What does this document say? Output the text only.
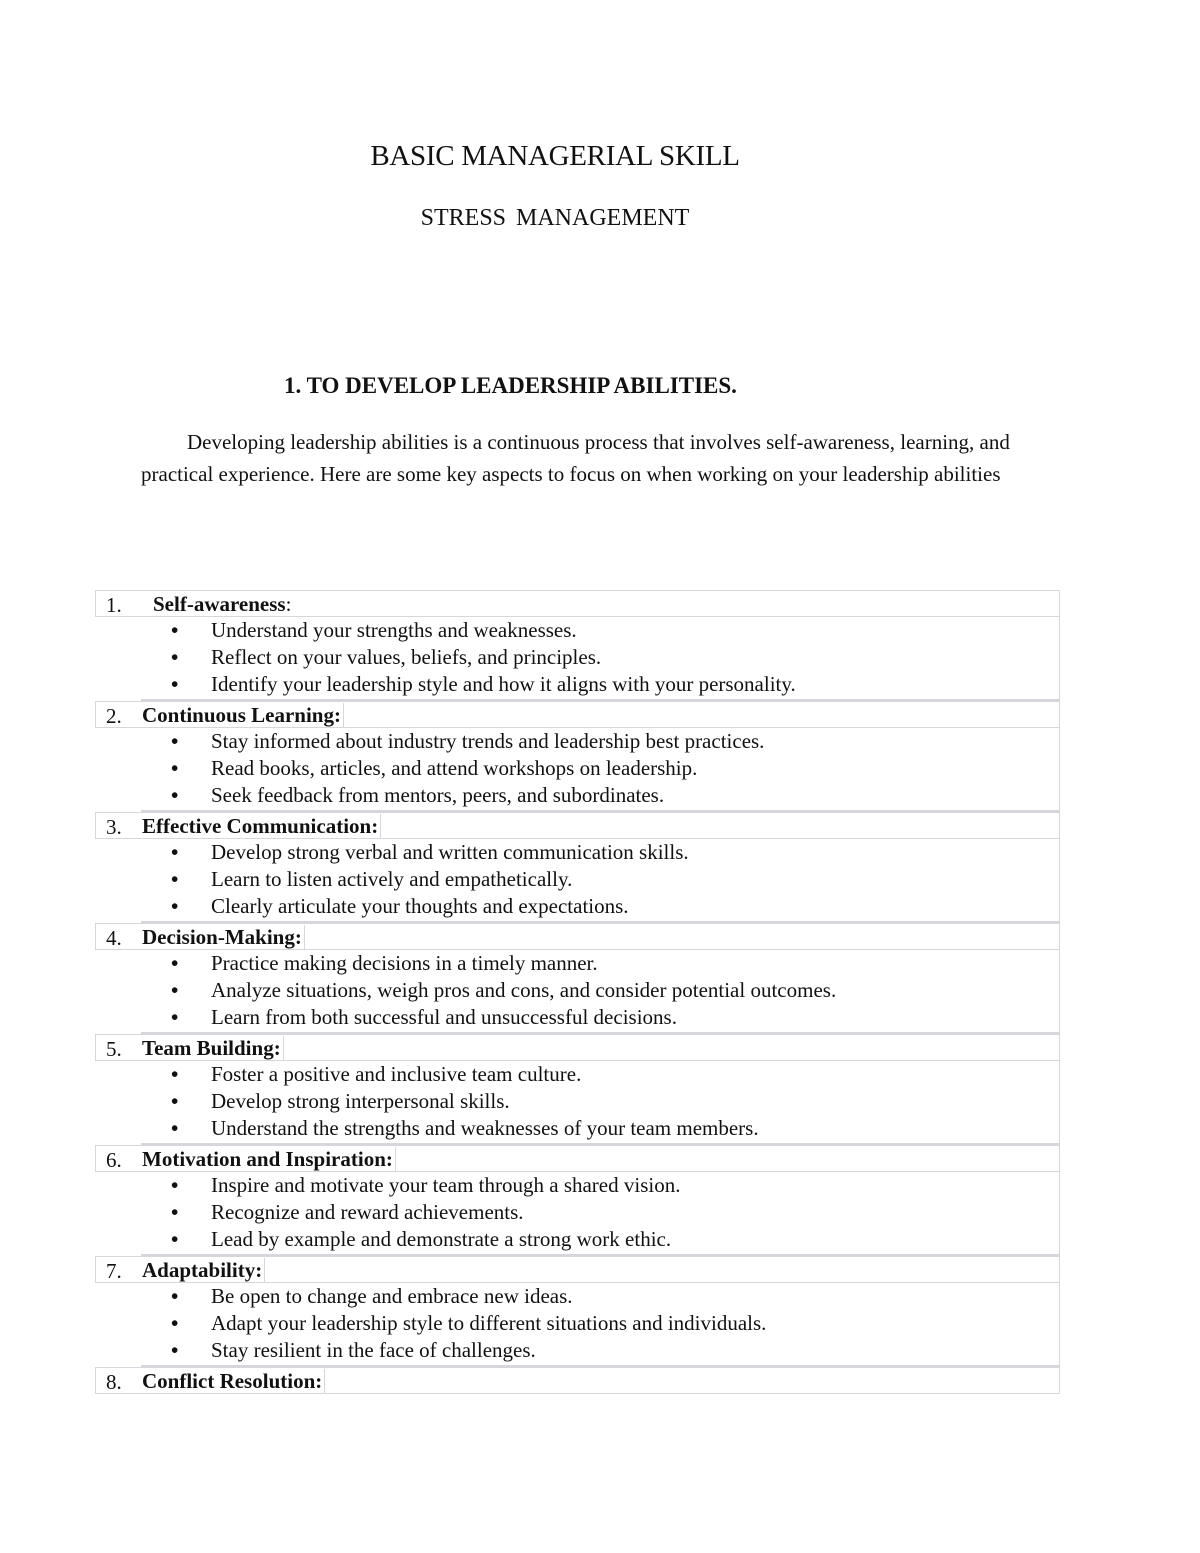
BASIC MANAGERIAL SKILL
STRESS MANAGEMENT
1. TO DEVELOP LEADERSHIP ABILITIES.
Developing leadership abilities is a continuous process that involves self-awareness, learning, and practical experience. Here are some key aspects to focus on when working on your leadership abilities
1. Self-awareness:
• Understand your strengths and weaknesses.
• Reflect on your values, beliefs, and principles.
• Identify your leadership style and how it aligns with your personality.
2. Continuous Learning:
• Stay informed about industry trends and leadership best practices.
• Read books, articles, and attend workshops on leadership.
• Seek feedback from mentors, peers, and subordinates.
3. Effective Communication:
• Develop strong verbal and written communication skills.
• Learn to listen actively and empathetically.
• Clearly articulate your thoughts and expectations.
4. Decision-Making:
• Practice making decisions in a timely manner.
• Analyze situations, weigh pros and cons, and consider potential outcomes.
• Learn from both successful and unsuccessful decisions.
5. Team Building:
• Foster a positive and inclusive team culture.
• Develop strong interpersonal skills.
• Understand the strengths and weaknesses of your team members.
6. Motivation and Inspiration:
• Inspire and motivate your team through a shared vision.
• Recognize and reward achievements.
• Lead by example and demonstrate a strong work ethic.
7. Adaptability:
• Be open to change and embrace new ideas.
• Adapt your leadership style to different situations and individuals.
• Stay resilient in the face of challenges.
8. Conflict Resolution:
